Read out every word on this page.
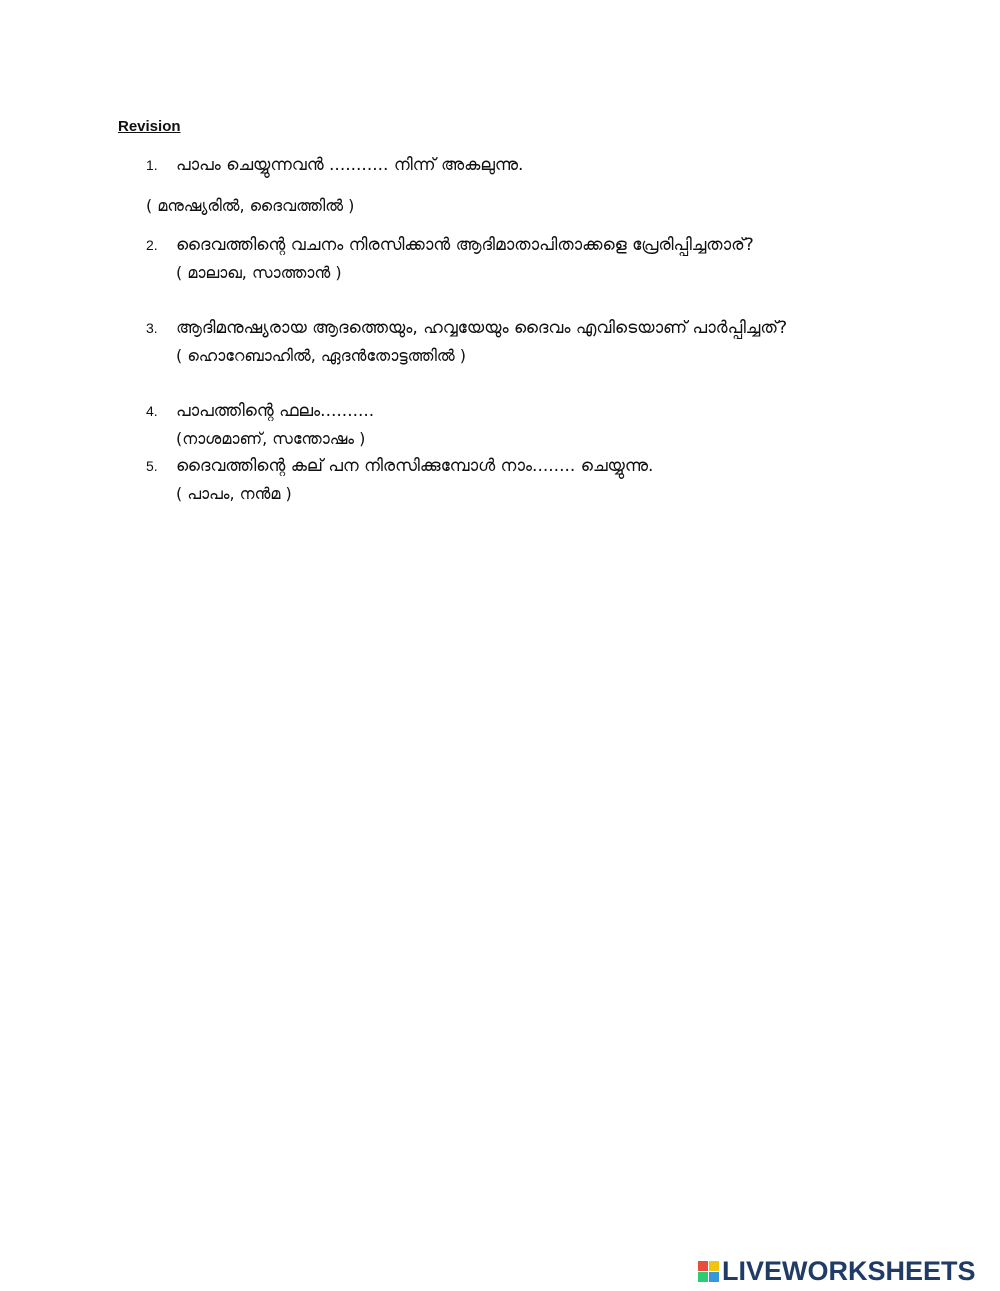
Revision
1.	പാപം ചെയ്യുന്നവൻ ........... നിന്ന് അകലുന്നു.
( മനുഷ്യരിൽ, ദൈവത്തിൽ )
2.	ദൈവത്തിന്റെ വചനം നിരസിക്കാൻ ആദിമാതാപിതാക്കളെ പ്രേരിപ്പിച്ചതാര്?
( മാലാഖ, സാത്താൻ )
3.	ആദിമനുഷ്യരായ ആദത്തെയും, ഹവ്വയേയും ദൈവം എവിടെയാണ് പാർപ്പിച്ചത്?
( ഹൊറേബാഹിൽ, ഏദൻതോട്ടത്തിൽ )
4.	പാപത്തിന്റെ ഫലം..........
(നാശമാണ്, സന്തോഷം )
5.	ദൈവത്തിന്റെ കല് പന നിരസിക്കുമ്പോൾ നാം........ ചെയ്യുന്നു.
( പാപം, നൻമ )
LIVEWORKSHEETS
